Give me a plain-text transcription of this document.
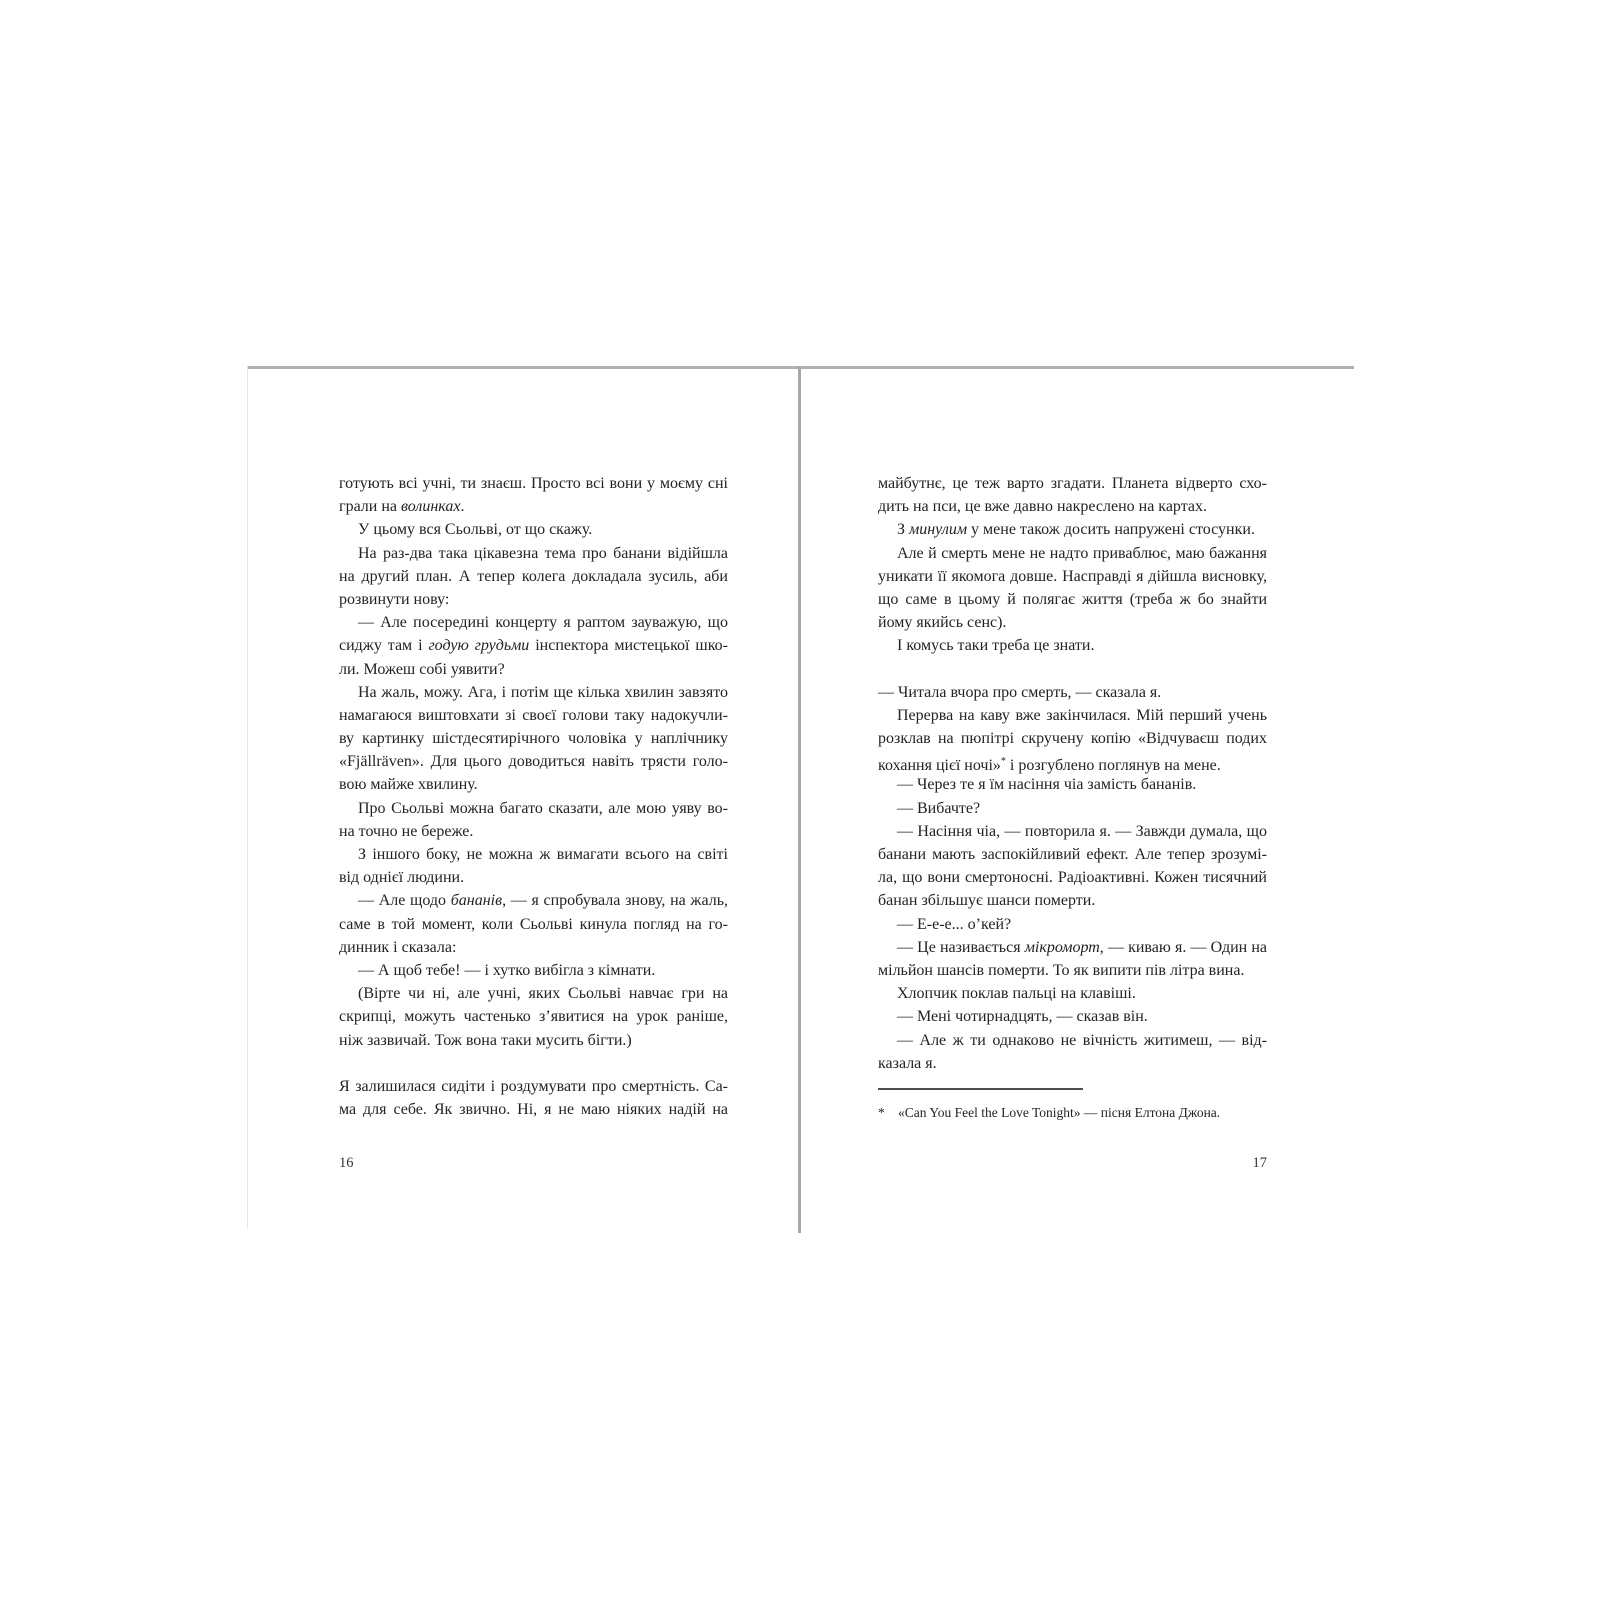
готують всі учні, ти знаєш. Просто всі вони у моєму сні
грали на волинках.
У цьому вся Сьольві, от що скажу.
На раз-два така цікавезна тема про банани відійшла
на другий план. А тепер колега докладала зусиль, аби
розвинути нову:
— Але посередині концерту я раптом зауважую, що
сиджу там і годую грудьми інспектора мистецької шко-
ли. Можеш собі уявити?
На жаль, можу. Ага, і потім ще кілька хвилин завзято
намагаюся виштовхати зі своєї голови таку надокучли-
ву картинку шістдесятирічного чоловіка у наплічнику
«Fjällräven». Для цього доводиться навіть трясти голо-
вою майже хвилину.
Про Сьольві можна багато сказати, але мою уяву во-
на точно не береже.
З іншого боку, не можна ж вимагати всього на світі
від однієї людини.
— Але щодо бананів, — я спробувала знову, на жаль,
саме в той момент, коли Сьольві кинула погляд на го-
динник і сказала:
— А щоб тебе! — і хутко вибігла з кімнати.
(Вірте чи ні, але учні, яких Сьольві навчає гри на
скрипці, можуть частенько з’явитися на урок раніше,
ніж зазвичай. Тож вона таки мусить бігти.)
Я залишилася сидіти і роздумувати про смертність. Са-
ма для себе. Як звично. Ні, я не маю ніяких надій на
майбутнє, це теж варто згадати. Планета відверто схо-
дить на пси, це вже давно накреслено на картах.
З минулим у мене також досить напружені стосунки.
Але й смерть мене не надто приваблює, маю бажання
уникати її якомога довше. Насправді я дійшла висновку,
що саме в цьому й полягає життя (треба ж бо знайти
йому якийсь сенс).
І комусь таки треба це знати.
— Читала вчора про смерть, — сказала я.
Перерва на каву вже закінчилася. Мій перший учень
розклав на пюпітрі скручену копію «Відчуваєш подих
кохання цієї ночі»* і розгублено поглянув на мене.
— Через те я їм насіння чіа замість бананів.
— Вибачте?
— Насіння чіа, — повторила я. — Завжди думала, що
банани мають заспокійливий ефект. Але тепер зрозумі-
ла, що вони смертоносні. Радіоактивні. Кожен тисячний
банан збільшує шанси померти.
— Е-е-е... о’кей?
— Це називається мікроморт, — киваю я. — Один на
мільйон шансів померти. То як випити пів літра вина.
Хлопчик поклав пальці на клавіші.
— Мені чотирнадцять, — сказав він.
— Але ж ти однаково не вічність житимеш, — від-
казала я.
* «Can You Feel the Love Tonight» — пісня Елтона Джона.
16	17
